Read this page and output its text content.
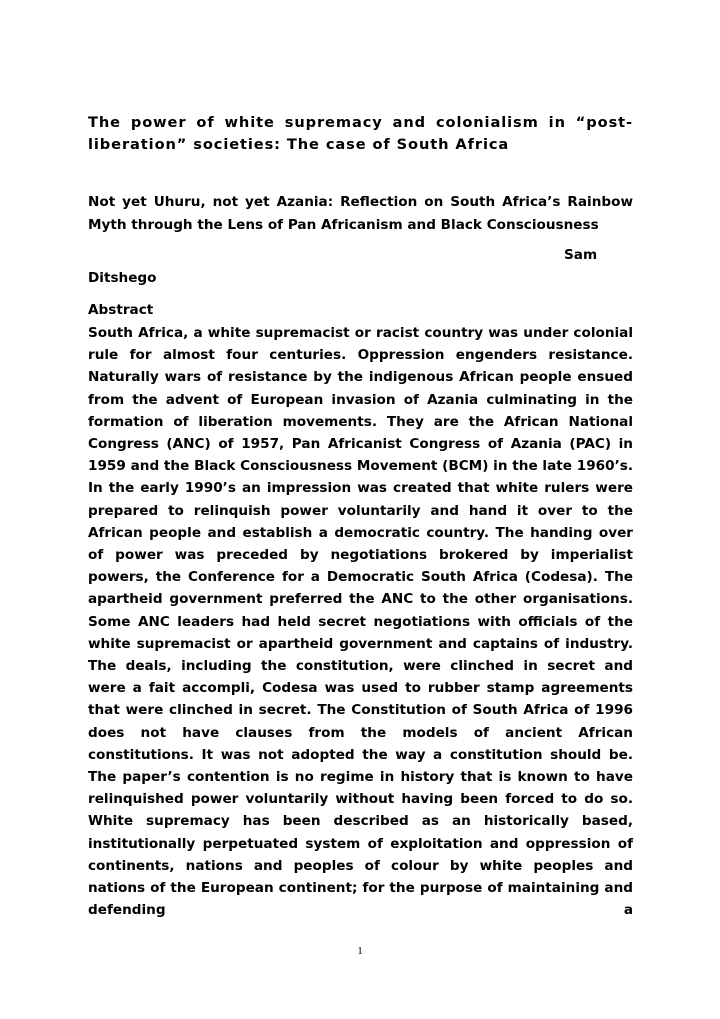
The power of white supremacy and colonialism in “post-liberation” societies: The case of South Africa
Not yet Uhuru, not yet Azania: Reflection on South Africa’s Rainbow Myth through the Lens of Pan Africanism and Black Consciousness
Sam
Ditshego
Abstract
South Africa, a white supremacist or racist country was under colonial rule for almost four centuries. Oppression engenders resistance. Naturally wars of resistance by the indigenous African people ensued from the advent of European invasion of Azania culminating in the formation of liberation movements. They are the African National Congress (ANC) of 1957, Pan Africanist Congress of Azania (PAC) in 1959 and the Black Consciousness Movement (BCM) in the late 1960’s. In the early 1990’s an impression was created that white rulers were prepared to relinquish power voluntarily and hand it over to the African people and establish a democratic country. The handing over of power was preceded by negotiations brokered by imperialist powers, the Conference for a Democratic South Africa (Codesa). The apartheid government preferred the ANC to the other organisations. Some ANC leaders had held secret negotiations with officials of the white supremacist or apartheid government and captains of industry. The deals, including the constitution, were clinched in secret and were a fait accompli, Codesa was used to rubber stamp agreements that were clinched in secret. The Constitution of South Africa of 1996 does not have clauses from the models of ancient African constitutions. It was not adopted the way a constitution should be. The paper’s contention is no regime in history that is known to have relinquished power voluntarily without having been forced to do so. White supremacy has been described as an historically based, institutionally perpetuated system of exploitation and oppression of continents, nations and peoples of colour by white peoples and nations of the European continent; for the purpose of maintaining and defending a
1
